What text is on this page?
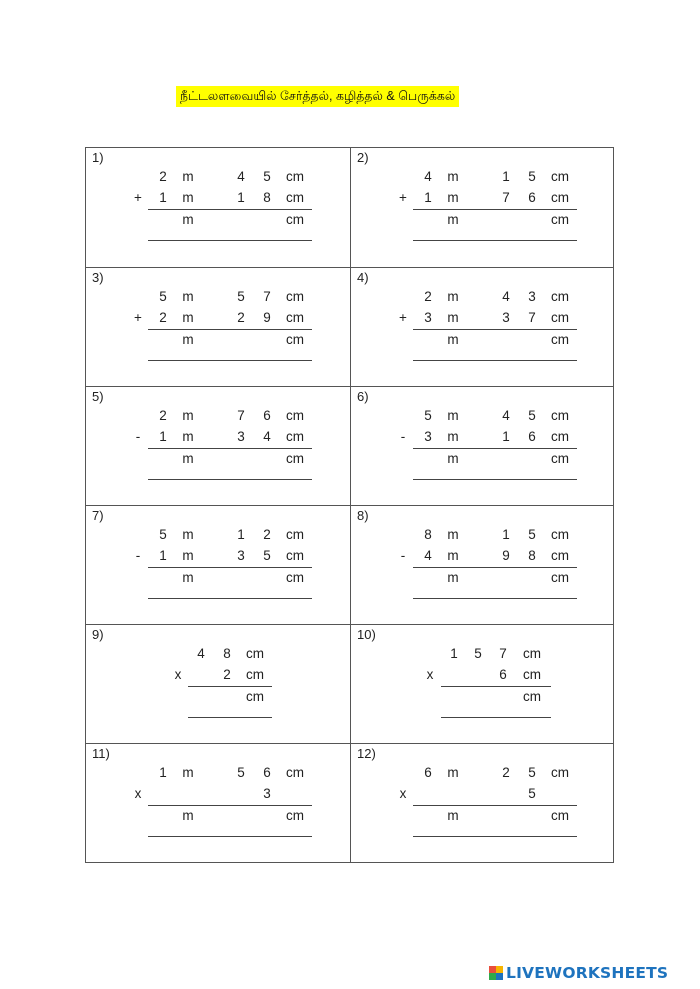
நீட்டலளவையில் சேர்த்தல், கழித்தல் & பெருக்கல்
1)
2 m	4 5 cm
+ 1 m	1 8 cm
m	cm
2)
4 m	1 5 cm
+ 1 m	7 6 cm
m	cm
3)
5 m	5 7 cm
+ 2 m	2 9 cm
m	cm
4)
2 m	4 3 cm
+ 3 m	3 7 cm
m	cm
5)
2 m	7 6 cm
-	1 m	3 4 cm
m	cm
6)
5 m	4 5 cm
-	3 m	1 6 cm
m	cm
7)
5 m	1 2 cm
-	1 m	3 5 cm
m	cm
8)
8 m	1 5 cm
-	4 m	9 8 cm
m	cm
9)
4 8 cm
x	2 cm
cm
10)
1 5 7 cm
x	6 cm
cm
11)
1 m	5 6 cm
x	3
m	cm
12)
6 m	2 5 cm
x	5
m	cm
LIVEWORKSHEETS
